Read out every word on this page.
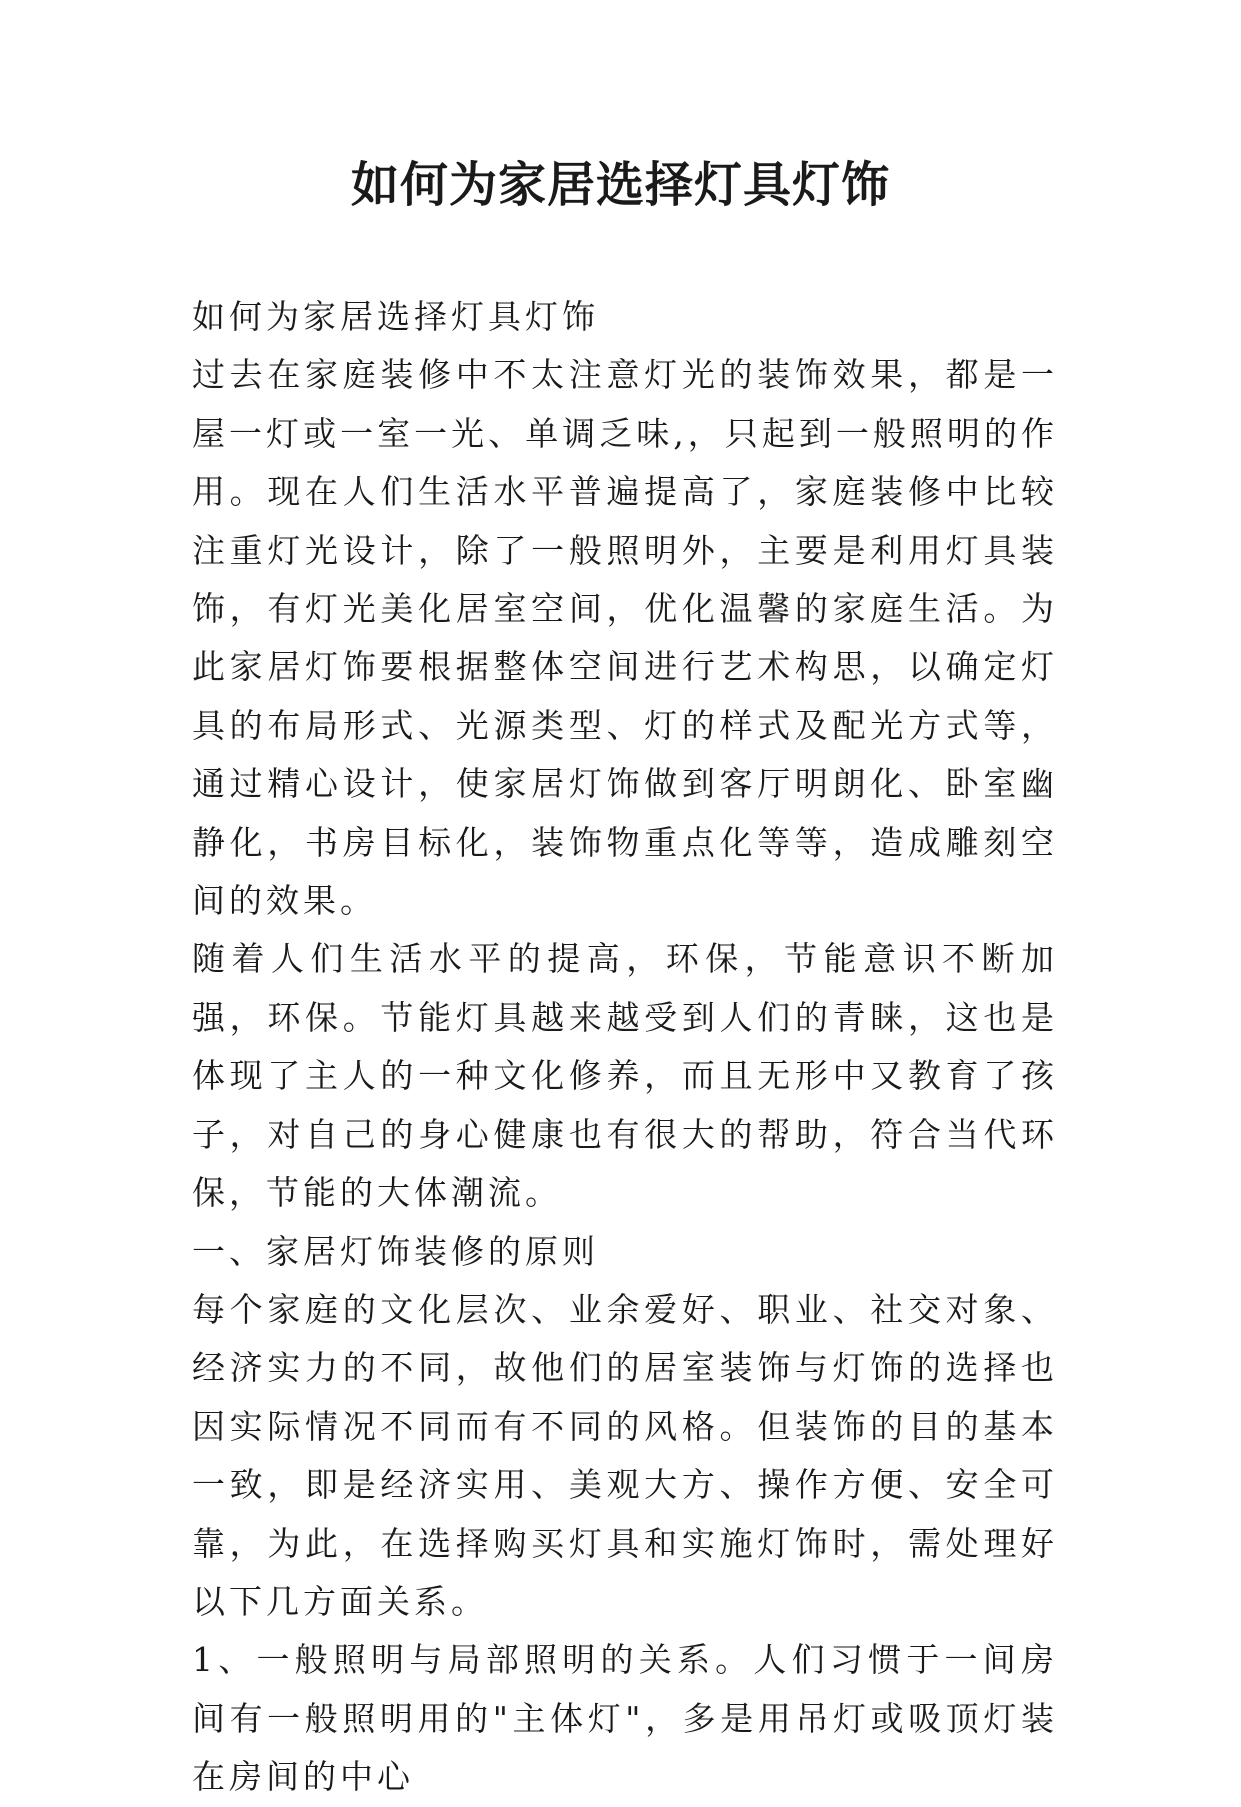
如何为家居选择灯具灯饰

如何为家居选择灯具灯饰

过去在家庭装修中不太注意灯光的装饰效果，都是一屋一灯或一室一光、单调乏味,，只起到一般照明的作用。现在人们生活水平普遍提高了，家庭装修中比较注重灯光设计，除了一般照明外，主要是利用灯具装饰，有灯光美化居室空间，优化温馨的家庭生活。为此家居灯饰要根据整体空间进行艺术构思，以确定灯具的布局形式、光源类型、灯的样式及配光方式等，通过精心设计，使家居灯饰做到客厅明朗化、卧室幽静化，书房目标化，装饰物重点化等等，造成雕刻空间的效果。

随着人们生活水平的提高，环保，节能意识不断加强，环保。节能灯具越来越受到人们的青睐，这也是体现了主人的一种文化修养，而且无形中又教育了孩子，对自己的身心健康也有很大的帮助，符合当代环保，节能的大体潮流。

一、家居灯饰装修的原则

每个家庭的文化层次、业余爱好、职业、社交对象、经济实力的不同，故他们的居室装饰与灯饰的选择也因实际情况不同而有不同的风格。但装饰的目的基本一致，即是经济实用、美观大方、操作方便、安全可靠，为此，在选择购买灯具和实施灯饰时，需处理好以下几方面关系。

1、一般照明与局部照明的关系。人们习惯于一间房间有一般照明用的"主体灯"，多是用吊灯或吸顶灯装在房间的中心
